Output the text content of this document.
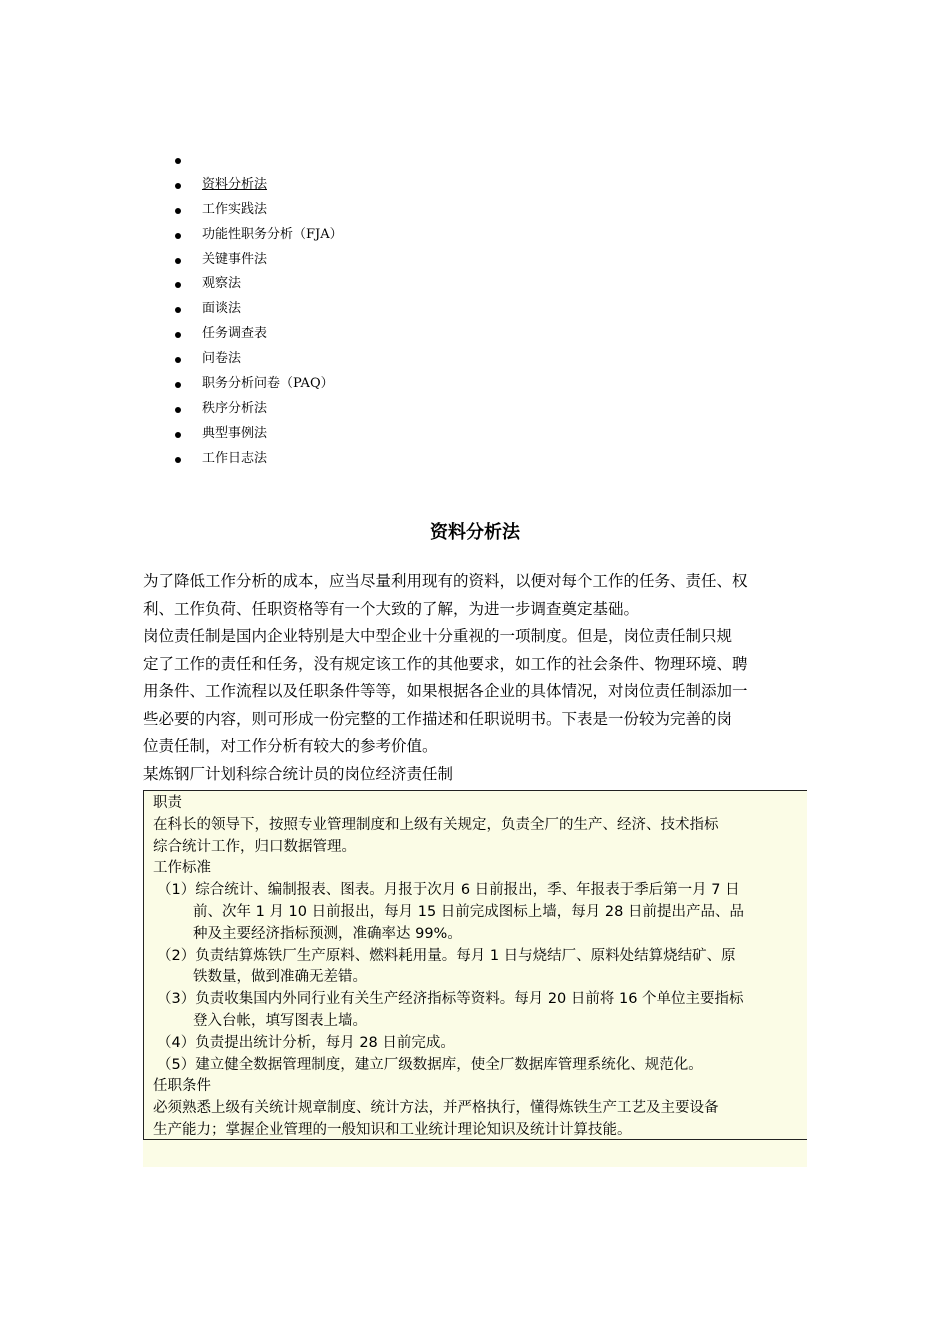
资料分析法
工作实践法
功能性职务分析（FJA）
关键事件法
观察法
面谈法
任务调查表
问卷法
职务分析问卷（PAQ）
秩序分析法
典型事例法
工作日志法
资料分析法
为了降低工作分析的成本，应当尽量利用现有的资料，以便对每个工作的任务、责任、权
利、工作负荷、任职资格等有一个大致的了解，为进一步调查奠定基础。
岗位责任制是国内企业特别是大中型企业十分重视的一项制度。但是，岗位责任制只规
定了工作的责任和任务，没有规定该工作的其他要求，如工作的社会条件、物理环境、聘
用条件、工作流程以及任职条件等等，如果根据各企业的具体情况，对岗位责任制添加一
些必要的内容，则可形成一份完整的工作描述和任职说明书。下表是一份较为完善的岗
位责任制，对工作分析有较大的参考价值。
某炼钢厂计划科综合统计员的岗位经济责任制
职责
在科长的领导下，按照专业管理制度和上级有关规定，负责全厂的生产、经济、技术指标
综合统计工作，归口数据管理。
工作标准
（1）综合统计、编制报表、图表。月报于次月 6 日前报出，季、年报表于季后第一月 7 日
前、次年 1 月 10 日前报出，每月 15 日前完成图标上墙，每月 28 日前提出产品、品
种及主要经济指标预测，准确率达 99%。
（2）负责结算炼铁厂生产原料、燃料耗用量。每月 1 日与烧结厂、原料处结算烧结矿、原
铁数量，做到准确无差错。
（3）负责收集国内外同行业有关生产经济指标等资料。每月 20 日前将 16 个单位主要指标
登入台帐，填写图表上墙。
（4）负责提出统计分析，每月 28 日前完成。
（5）建立健全数据管理制度，建立厂级数据库，使全厂数据库管理系统化、规范化。
任职条件
必须熟悉上级有关统计规章制度、统计方法，并严格执行，懂得炼铁生产工艺及主要设备
生产能力；掌握企业管理的一般知识和工业统计理论知识及统计计算技能。
